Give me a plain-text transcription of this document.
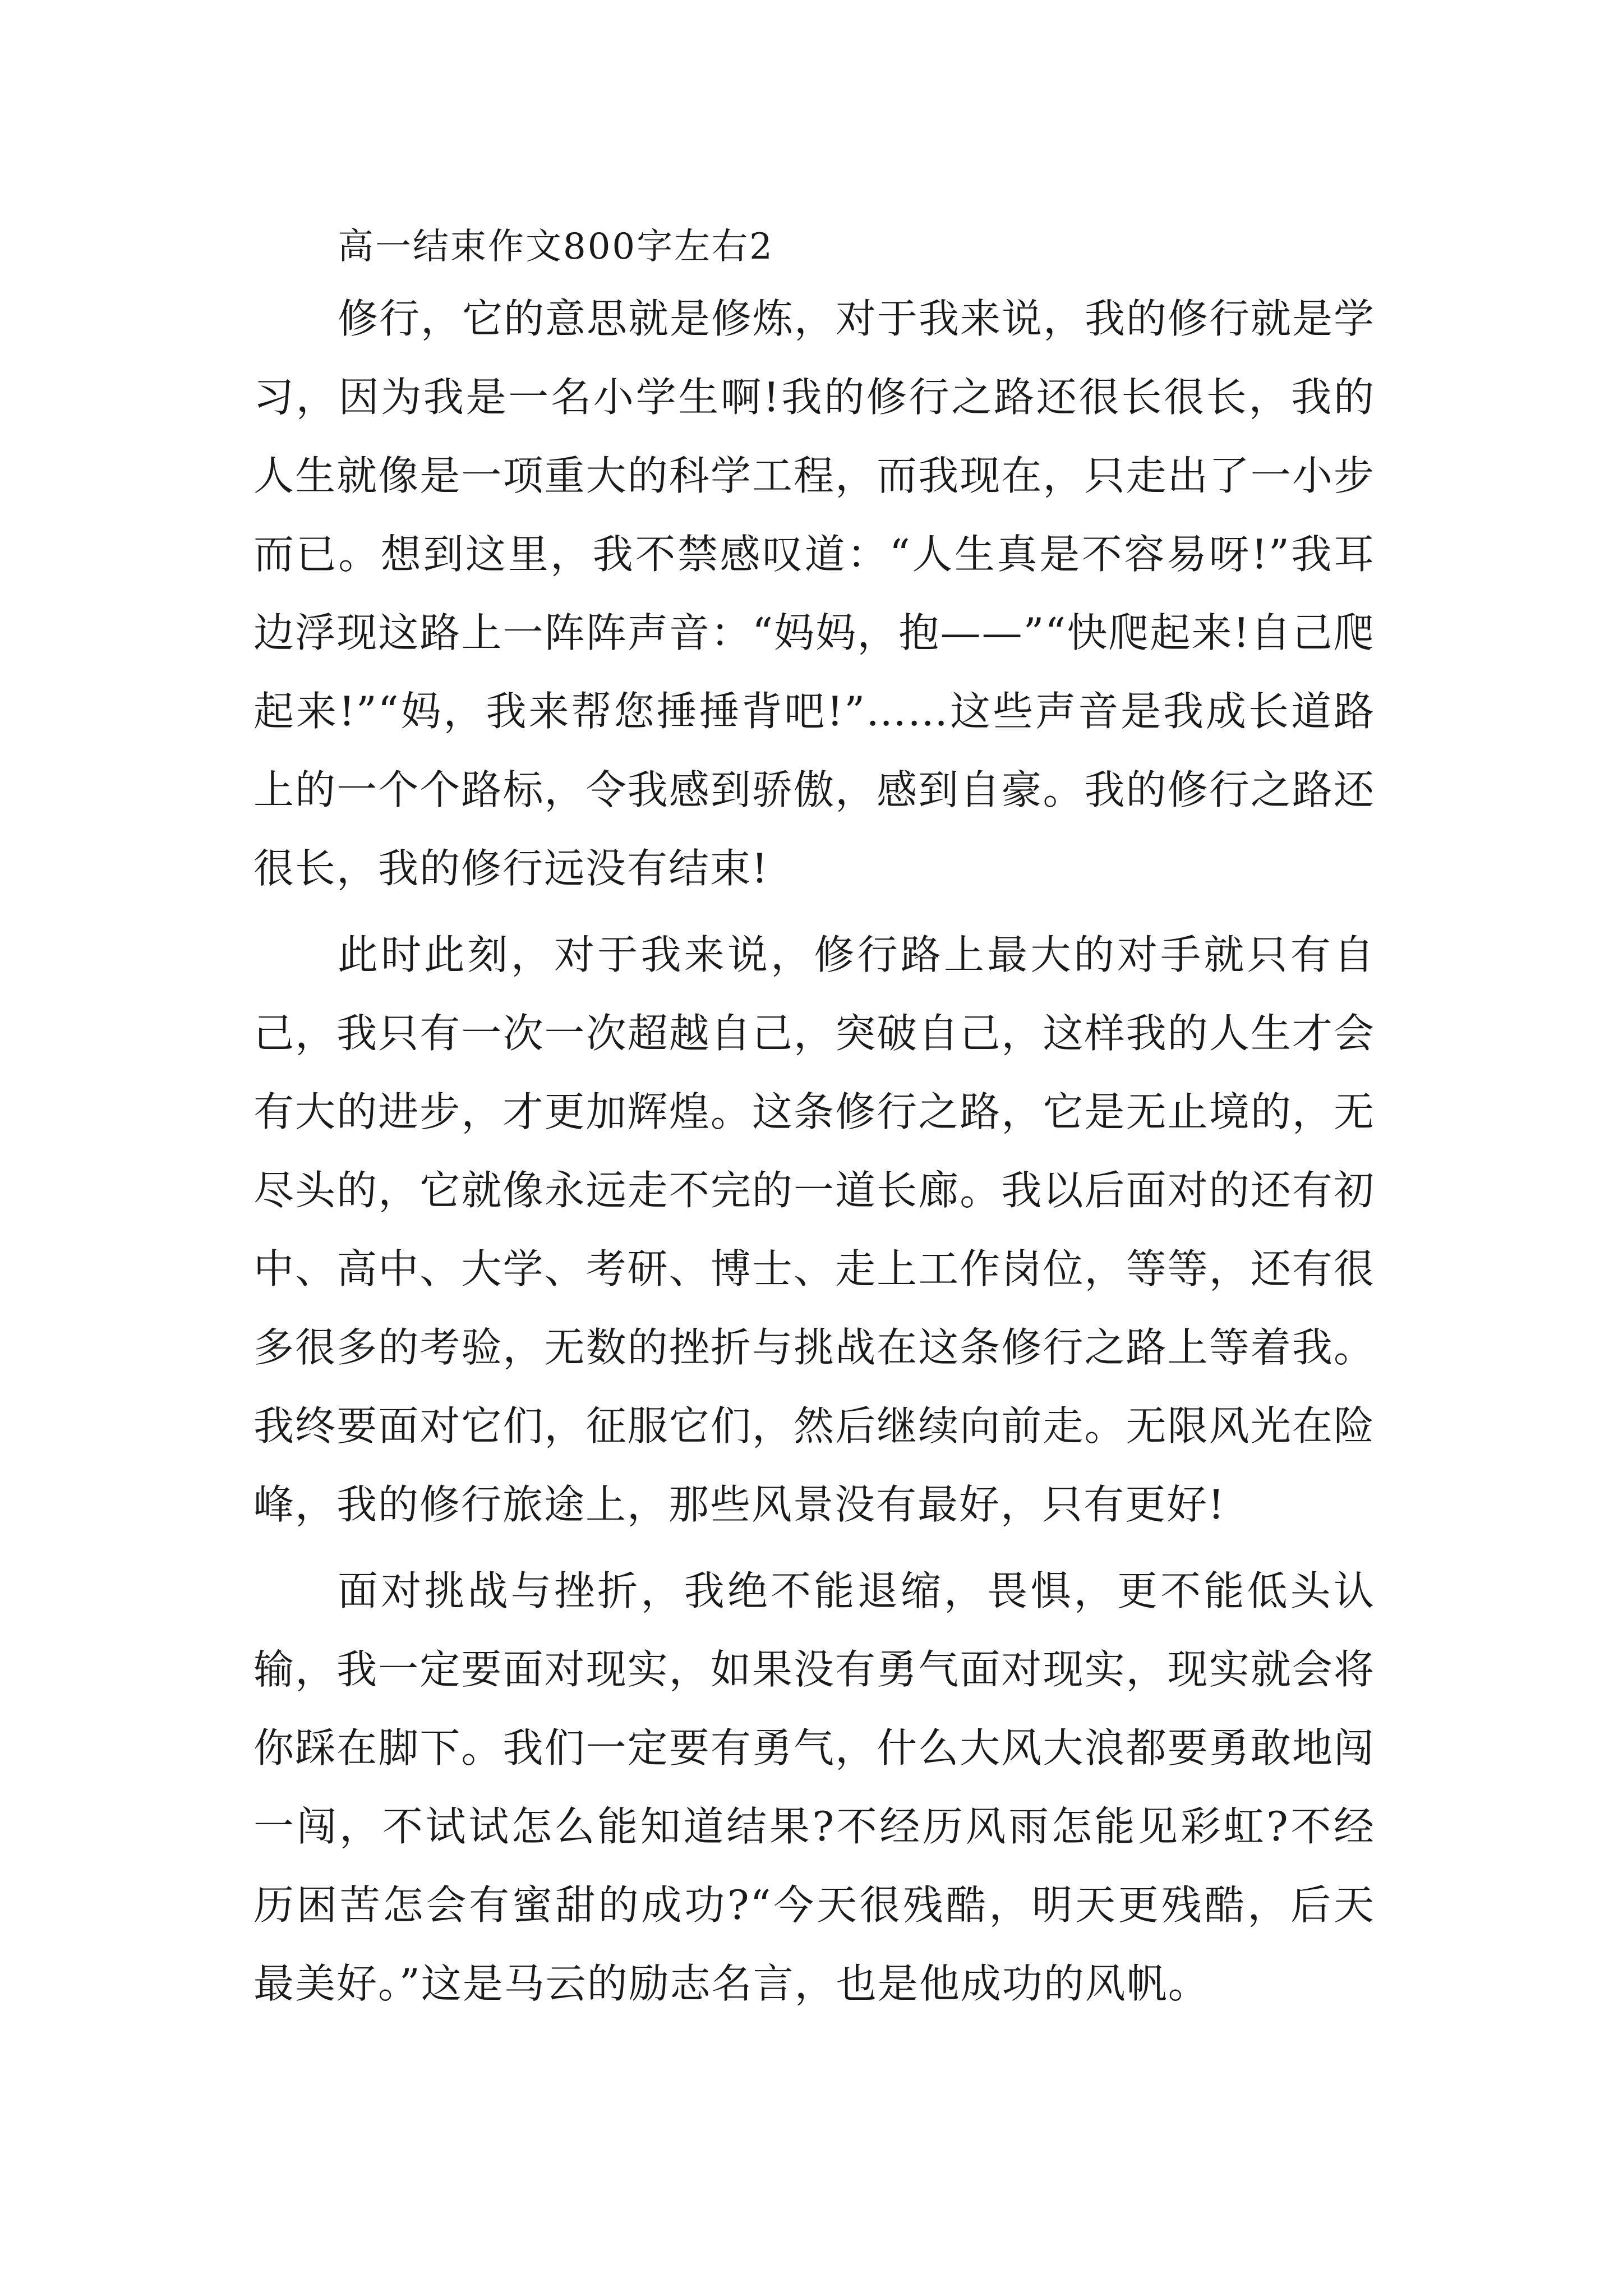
高一结束作文800字左右2

修行，它的意思就是修炼，对于我来说，我的修行就是学习，因为我是一名小学生啊!我的修行之路还很长很长，我的人生就像是一项重大的科学工程，而我现在，只走出了一小步而已。想到这里，我不禁感叹道：“人生真是不容易呀!”我耳边浮现这路上一阵阵声音：“妈妈，抱——”“快爬起来!自己爬起来!”“妈，我来帮您捶捶背吧!”……这些声音是我成长道路上的一个个路标，令我感到骄傲，感到自豪。我的修行之路还很长，我的修行远没有结束!

此时此刻，对于我来说，修行路上最大的对手就只有自己，我只有一次一次超越自己，突破自己，这样我的人生才会有大的进步，才更加辉煌。这条修行之路，它是无止境的，无尽头的，它就像永远走不完的一道长廊。我以后面对的还有初中、高中、大学、考研、博士、走上工作岗位，等等，还有很多很多的考验，无数的挫折与挑战在这条修行之路上等着我。我终要面对它们，征服它们，然后继续向前走。无限风光在险峰，我的修行旅途上，那些风景没有最好，只有更好!

面对挑战与挫折，我绝不能退缩，畏惧，更不能低头认输，我一定要面对现实，如果没有勇气面对现实，现实就会将你踩在脚下。我们一定要有勇气，什么大风大浪都要勇敢地闯一闯，不试试怎么能知道结果?不经历风雨怎能见彩虹?不经历困苦怎会有蜜甜的成功?“今天很残酷，明天更残酷，后天最美好。”这是马云的励志名言，也是他成功的风帆。
